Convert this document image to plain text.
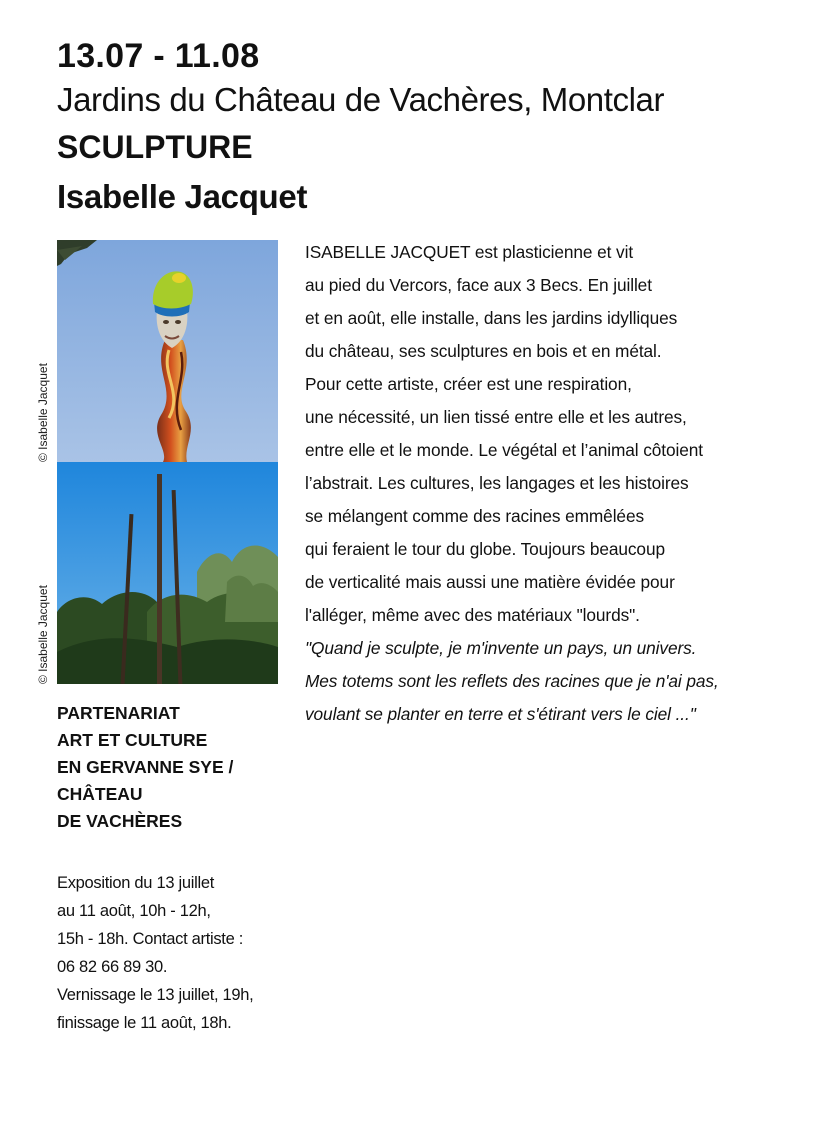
13.07 - 11.08
Jardins du Château de Vachères, Montclar
SCULPTURE
Isabelle Jacquet
© Isabelle Jacquet
© Isabelle Jacquet
PARTENARIAT
ART ET CULTURE
EN GERVANNE SYE /
CHÂTEAU
DE VACHÈRES
Exposition du 13 juillet
au 11 août, 10h - 12h,
15h - 18h. Contact artiste :
06 82 66 89 30.
Vernissage le 13 juillet, 19h,
finissage le 11 août, 18h.
ISABELLE JACQUET est plasticienne et vit
au pied du Vercors, face aux 3 Becs. En juillet
et en août, elle installe, dans les jardins idylliques
du château, ses sculptures en bois et en métal.
Pour cette artiste, créer est une respiration,
une nécessité, un lien tissé entre elle et les autres,
entre elle et le monde. Le végétal et l’animal côtoient
l’abstrait. Les cultures, les langages et les histoires
se mélangent comme des racines emmêlées
qui feraient le tour du globe. Toujours beaucoup
de verticalité mais aussi une matière évidée pour
l'alléger, même avec des matériaux "lourds".
"Quand je sculpte, je m'invente un pays, un univers.
Mes totems sont les reflets des racines que je n'ai pas,
voulant se planter en terre et s'étirant vers le ciel ..."
